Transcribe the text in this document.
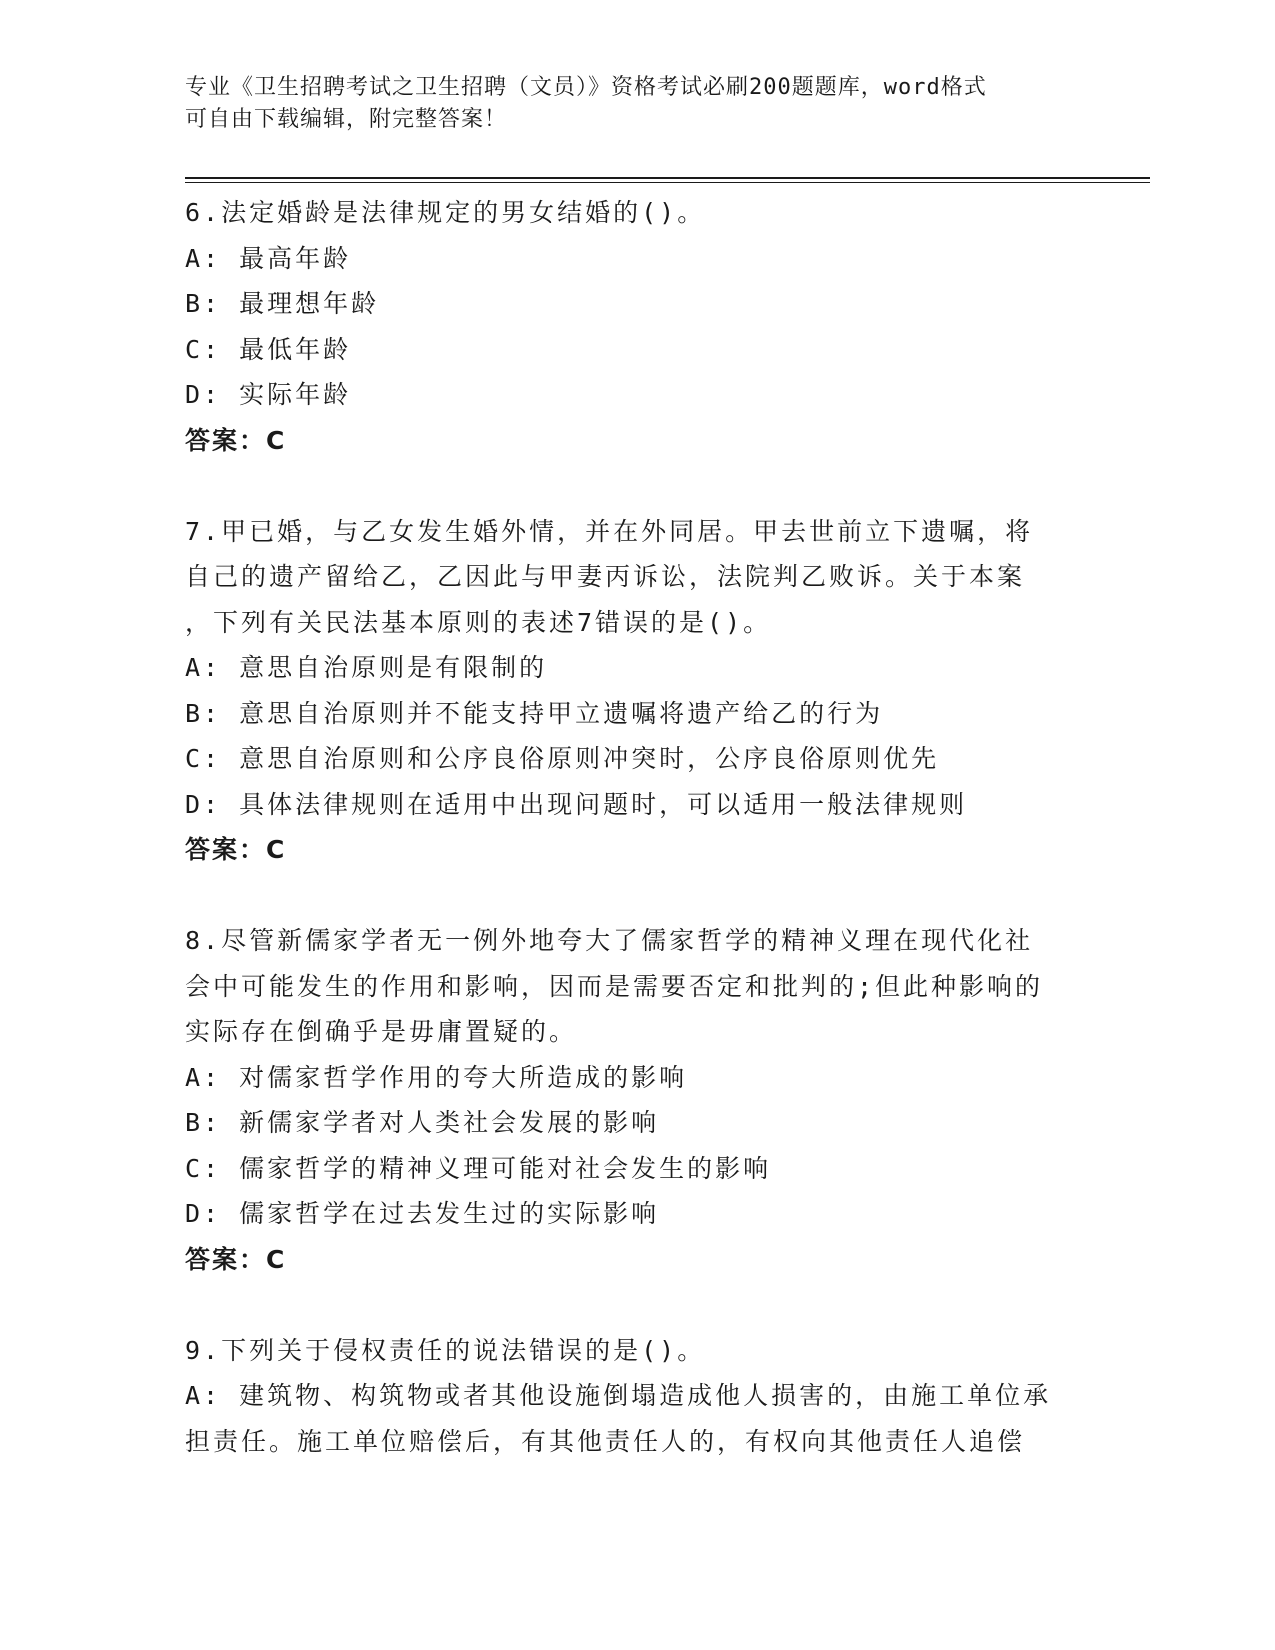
专业《卫生招聘考试之卫生招聘（文员）》资格考试必刷200题题库，word格式
可自由下载编辑，附完整答案！
6.法定婚龄是法律规定的男女结婚的()。
A: 最高年龄
B: 最理想年龄
C: 最低年龄
D: 实际年龄
答案：C
7.甲已婚，与乙女发生婚外情，并在外同居。甲去世前立下遗嘱，将
自己的遗产留给乙，乙因此与甲妻丙诉讼，法院判乙败诉。关于本案
，下列有关民法基本原则的表述7错误的是()。
A: 意思自治原则是有限制的
B: 意思自治原则并不能支持甲立遗嘱将遗产给乙的行为
C: 意思自治原则和公序良俗原则冲突时，公序良俗原则优先
D: 具体法律规则在适用中出现问题时，可以适用一般法律规则
答案：C
8.尽管新儒家学者无一例外地夸大了儒家哲学的精神义理在现代化社
会中可能发生的作用和影响，因而是需要否定和批判的;但此种影响的
实际存在倒确乎是毋庸置疑的。
A: 对儒家哲学作用的夸大所造成的影响
B: 新儒家学者对人类社会发展的影响
C: 儒家哲学的精神义理可能对社会发生的影响
D: 儒家哲学在过去发生过的实际影响
答案：C
9.下列关于侵权责任的说法错误的是()。
A: 建筑物、构筑物或者其他设施倒塌造成他人损害的，由施工单位承
担责任。施工单位赔偿后，有其他责任人的，有权向其他责任人追偿
